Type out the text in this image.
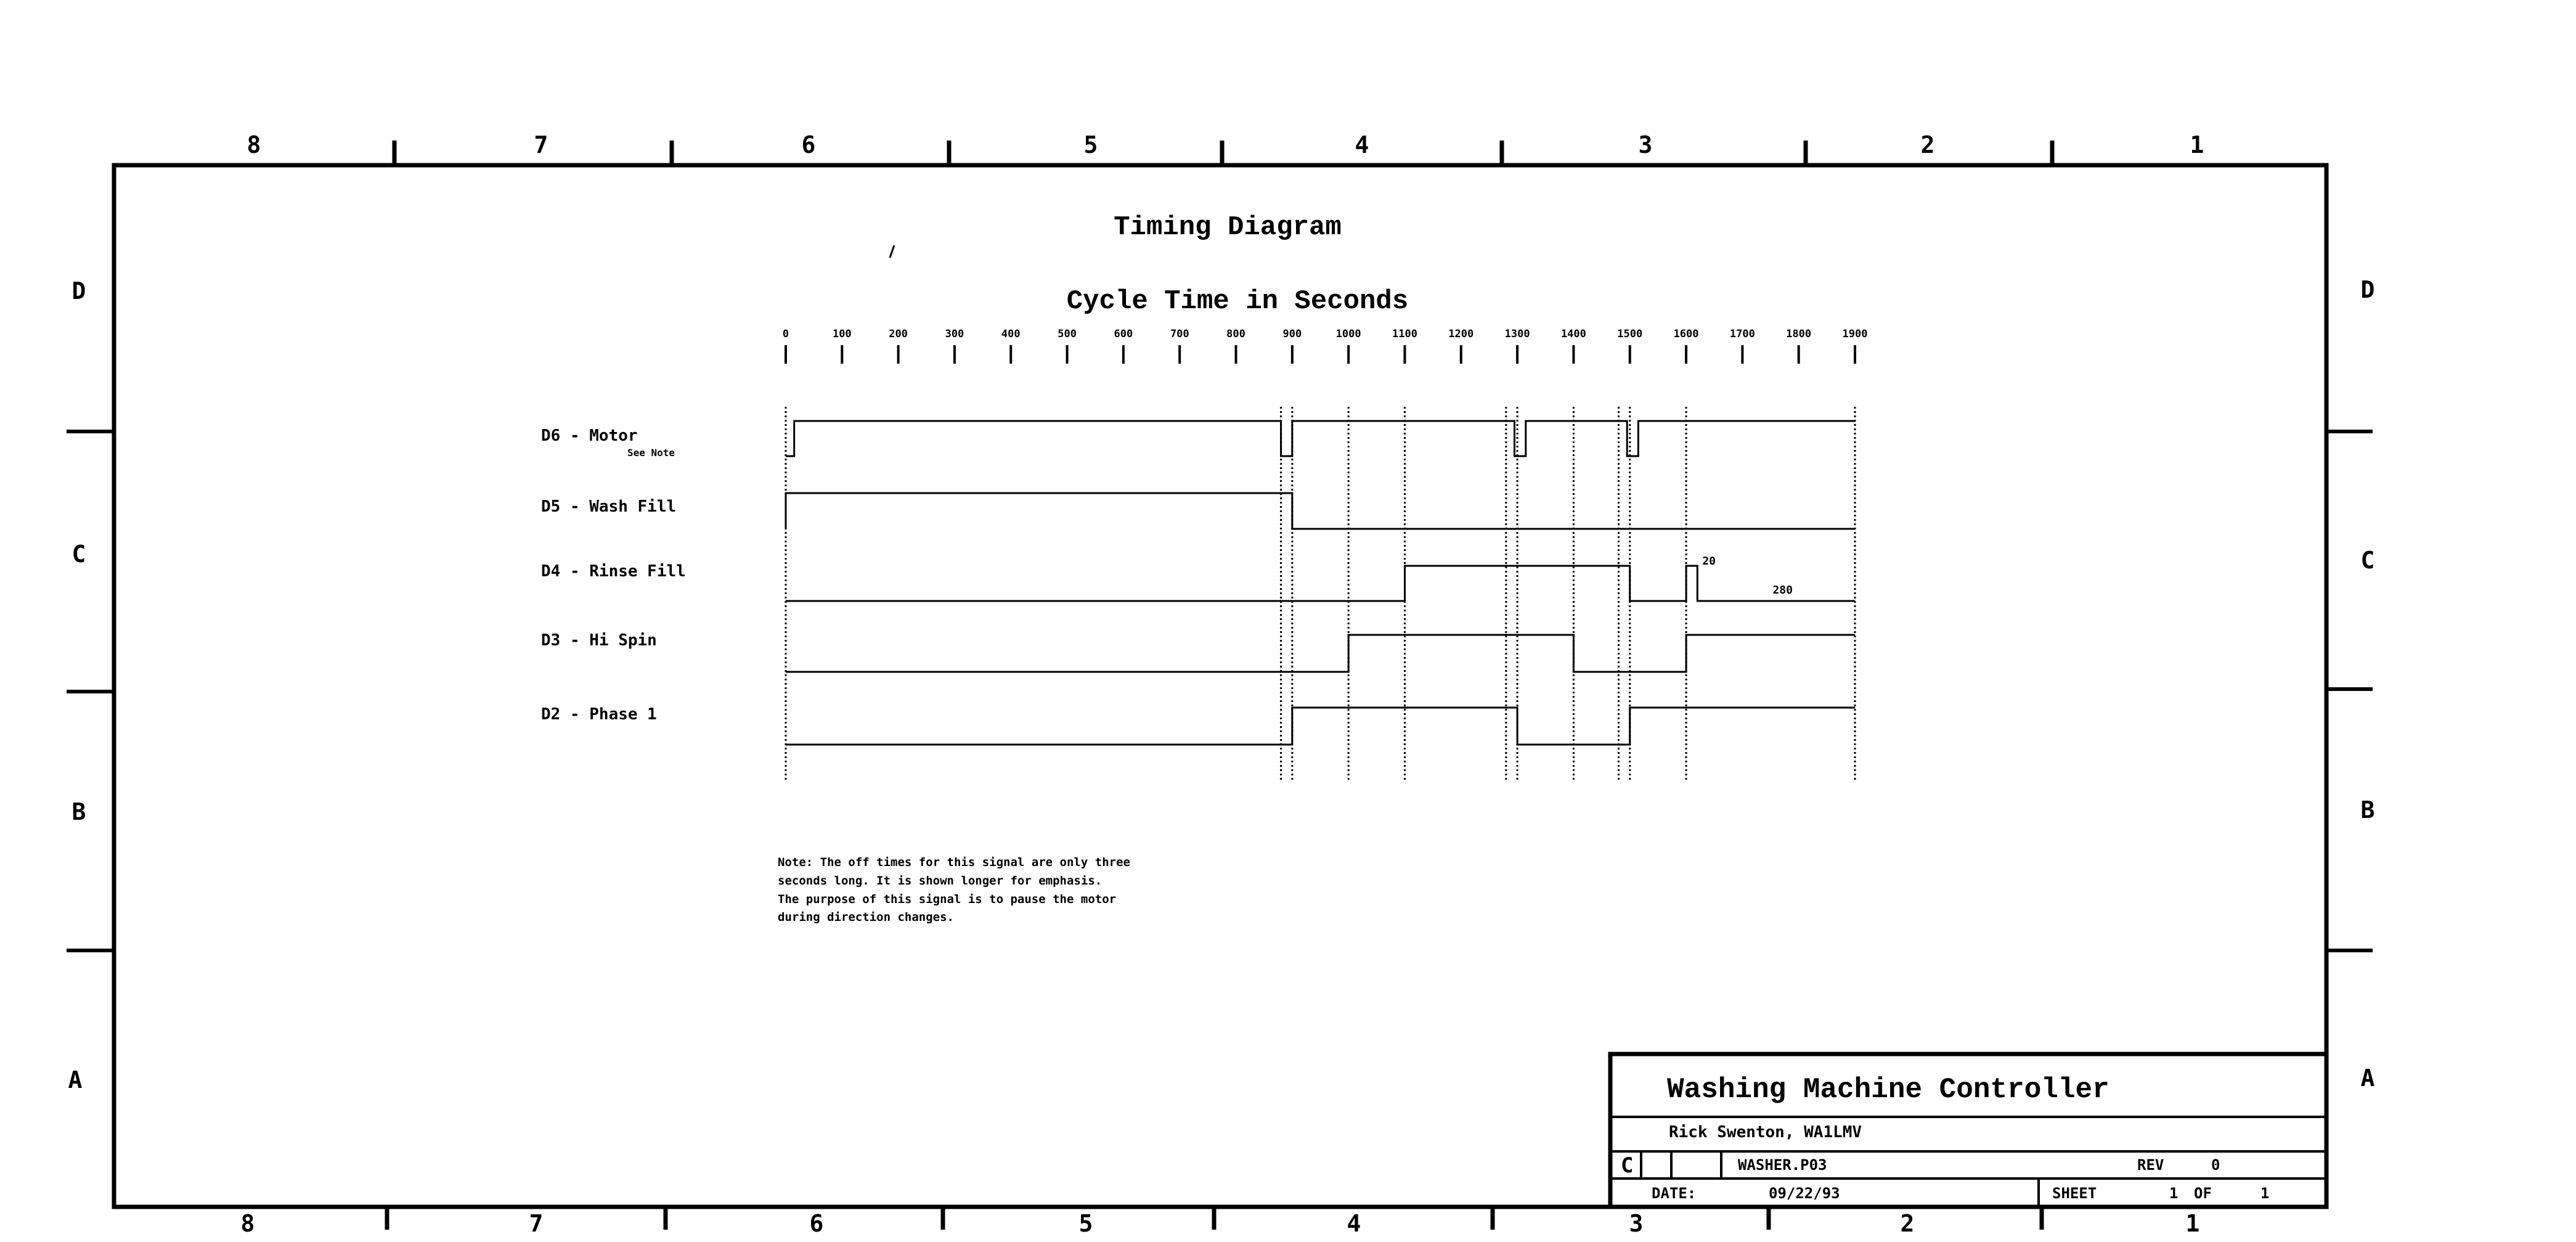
8	7	6	5	4	3	2	1
8	7	6	5	4	3	2	1
D
C
B
A
D
C
B
A
Timing Diagram
Cycle Time in Seconds
0	100	200	300	400	500	600	700	800	900	1000	1100	1200	1300	1400	1500	1600	1700	1800	1900
D6 - Motor
See Note
D5 - Wash Fill
D4 - Rinse Fill
D3 - Hi Spin
D2 - Phase 1
20
280
Note: The off times for this signal are only three
seconds long. It is shown longer for emphasis.
The purpose of this signal is to pause the motor
during direction changes.
Washing Machine Controller
Rick Swenton, WA1LMV
C	WASHER.P03	REV	0
DATE:	09/22/93	SHEET	1 OF	1
